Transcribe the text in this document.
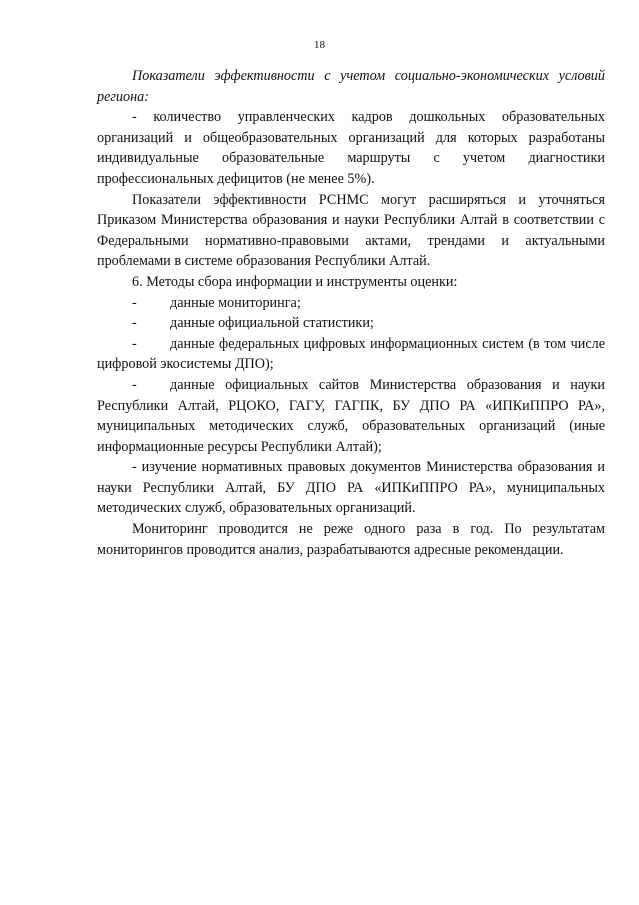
18

Показатели эффективности с учетом социально-экономических условий региона:

- количество управленческих кадров дошкольных образовательных организаций и общеобразовательных организаций для которых разработаны индивидуальные образовательные маршруты с учетом диагностики профессиональных дефицитов (не менее 5%).

Показатели эффективности РСНМС могут расширяться и уточняться Приказом Министерства образования и науки Республики Алтай в соответствии с Федеральными нормативно-правовыми актами, трендами и актуальными проблемами в системе образования Республики Алтай.

6. Методы сбора информации и инструменты оценки:

- данные мониторинга;

- данные официальной статистики;

- данные федеральных цифровых информационных систем (в том числе цифровой экосистемы ДПО);

- данные официальных сайтов Министерства образования и науки Республики Алтай, РЦОКО, ГАГУ, ГАГПК, БУ ДПО РА «ИПКиППРО РА», муниципальных методических служб, образовательных организаций (иные информационные ресурсы Республики Алтай);

- изучение нормативных правовых документов Министерства образования и науки Республики Алтай, БУ ДПО РА «ИПКиППРО РА», муниципальных методических служб, образовательных организаций.

Мониторинг проводится не реже одного раза в год. По результатам мониторингов проводится анализ, разрабатываются адресные рекомендации.
